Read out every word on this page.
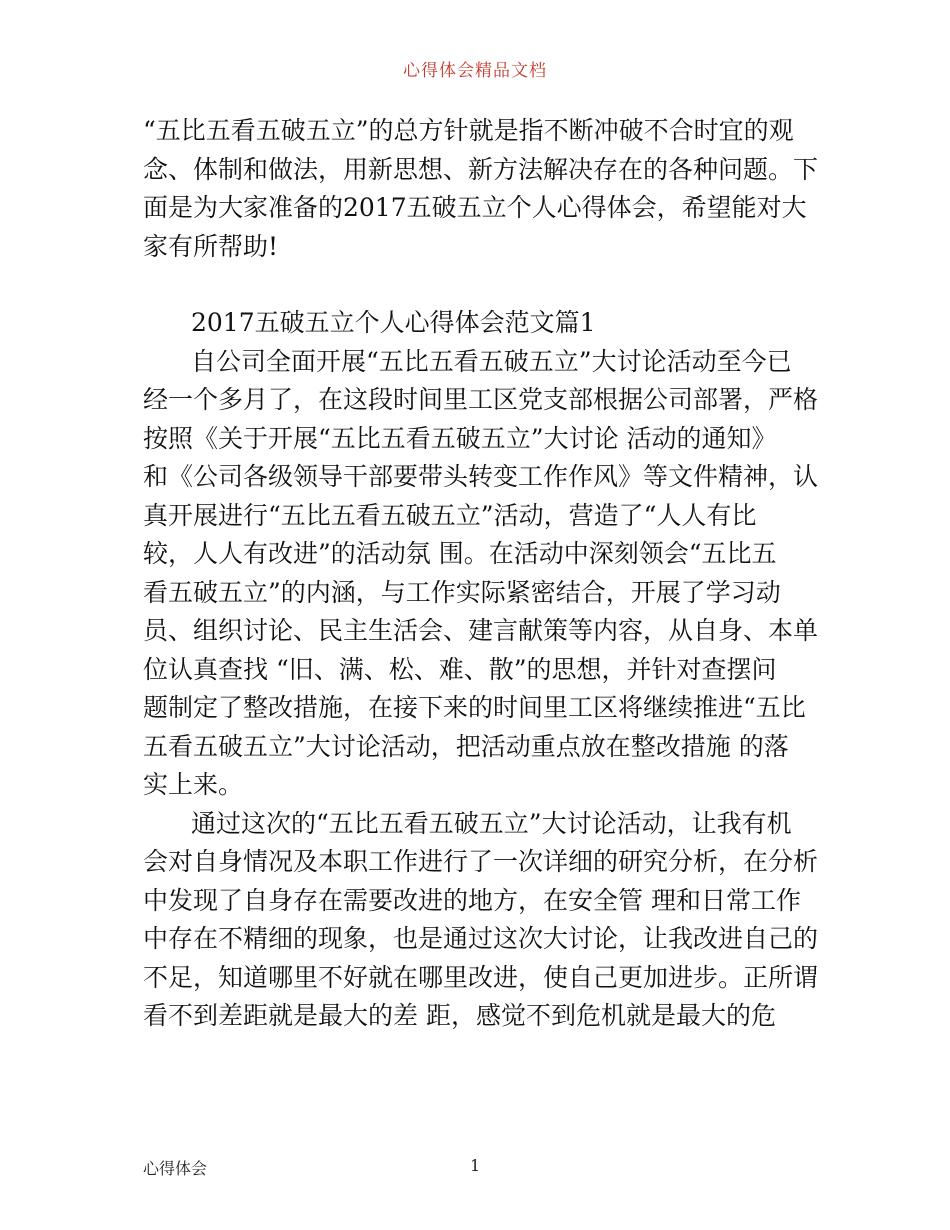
心得体会精品文档
“五比五看五破五立”的总方针就是指不断冲破不合时宜的观
念、体制和做法，用新思想、新方法解决存在的各种问题。下
面是为大家准备的2017五破五立个人心得体会，希望能对大
家有所帮助!
2017五破五立个人心得体会范文篇1
自公司全面开展“五比五看五破五立”大讨论活动至今已
经一个多月了，在这段时间里工区党支部根据公司部署，严格
按照《关于开展“五比五看五破五立”大讨论 活动的通知》
和《公司各级领导干部要带头转变工作作风》等文件精神，认
真开展进行“五比五看五破五立”活动，营造了“人人有比
较，人人有改进”的活动氛 围。在活动中深刻领会“五比五
看五破五立”的内涵，与工作实际紧密结合，开展了学习动
员、组织讨论、民主生活会、建言献策等内容，从自身、本单
位认真查找 “旧、满、松、难、散”的思想，并针对查摆问
题制定了整改措施，在接下来的时间里工区将继续推进“五比
五看五破五立”大讨论活动，把活动重点放在整改措施 的落
实上来。
通过这次的“五比五看五破五立”大讨论活动，让我有机
会对自身情况及本职工作进行了一次详细的研究分析，在分析
中发现了自身存在需要改进的地方，在安全管 理和日常工作
中存在不精细的现象，也是通过这次大讨论，让我改进自己的
不足，知道哪里不好就在哪里改进，使自己更加进步。正所谓
看不到差距就是最大的差 距，感觉不到危机就是最大的危
心得体会	1
